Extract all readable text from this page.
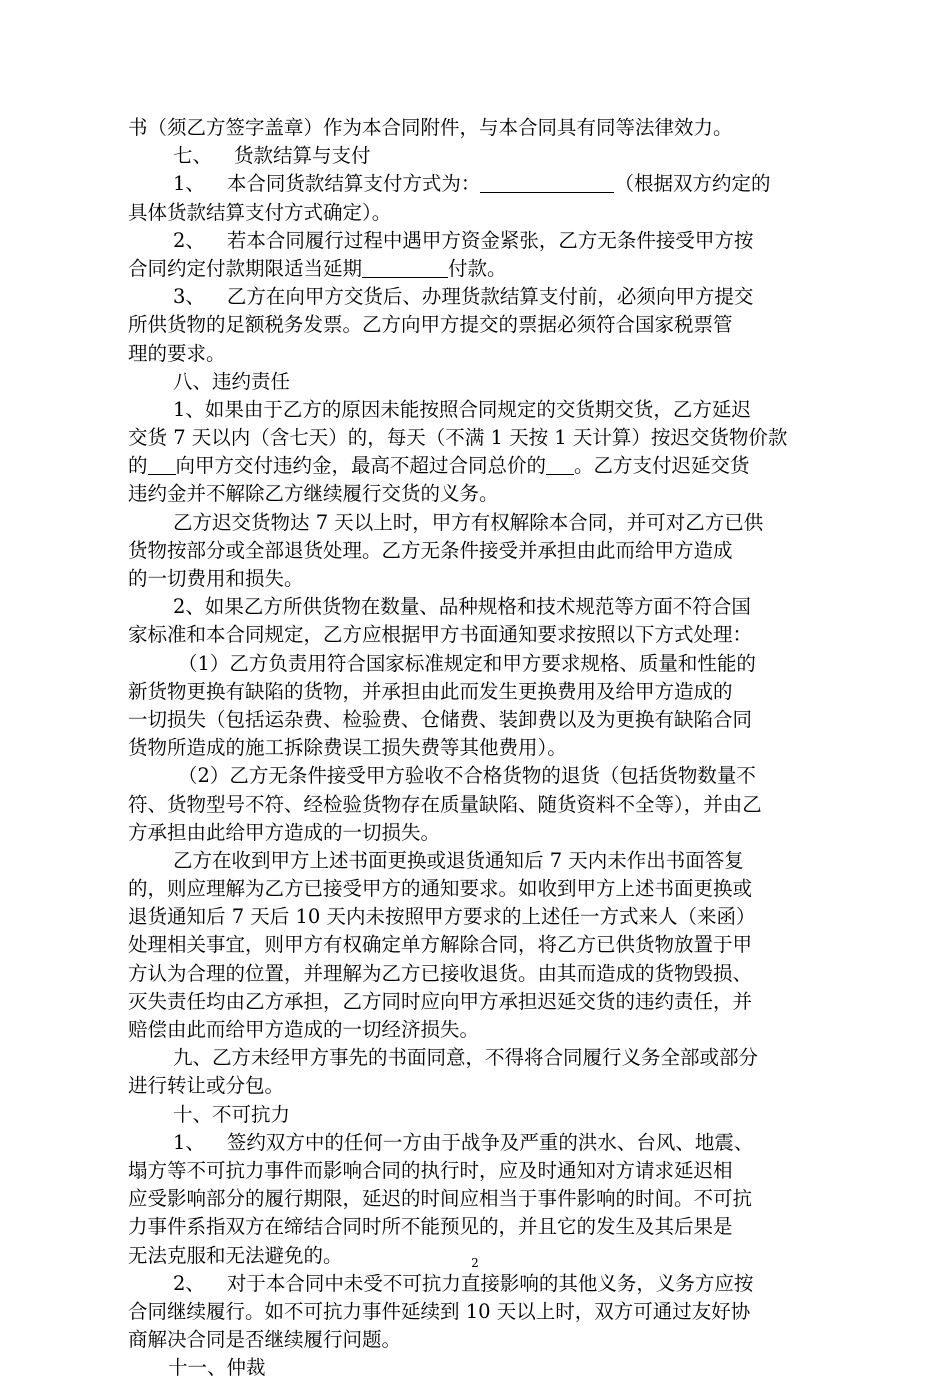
书（须乙方签字盖章）作为本合同附件，与本合同具有同等法律效力。
七、 货款结算与支付
1、 本合同货款结算支付方式为：	（根据双方约定的
具体货款结算支付方式确定）。
2、 若本合同履行过程中遇甲方资金紧张，乙方无条件接受甲方按
合同约定付款期限适当延期	付款。
3、 乙方在向甲方交货后、办理货款结算支付前，必须向甲方提交
所供货物的足额税务发票。乙方向甲方提交的票据必须符合国家税票管
理的要求。
八、违约责任
1、如果由于乙方的原因未能按照合同规定的交货期交货，乙方延迟
交货 7 天以内（含七天）的，每天（不满 1 天按 1 天计算）按迟交货物价款
的 向甲方交付违约金，最高不超过合同总价的 。乙方支付迟延交货
违约金并不解除乙方继续履行交货的义务。
乙方迟交货物达 7 天以上时，甲方有权解除本合同，并可对乙方已供
货物按部分或全部退货处理。乙方无条件接受并承担由此而给甲方造成
的一切费用和损失。
2、如果乙方所供货物在数量、品种规格和技术规范等方面不符合国
家标准和本合同规定，乙方应根据甲方书面通知要求按照以下方式处理：
（1）乙方负责用符合国家标准规定和甲方要求规格、质量和性能的
新货物更换有缺陷的货物，并承担由此而发生更换费用及给甲方造成的
一切损失（包括运杂费、检验费、仓储费、装卸费以及为更换有缺陷合同
货物所造成的施工拆除费误工损失费等其他费用）。
（2）乙方无条件接受甲方验收不合格货物的退货（包括货物数量不
符、货物型号不符、经检验货物存在质量缺陷、随货资料不全等），并由乙
方承担由此给甲方造成的一切损失。
乙方在收到甲方上述书面更换或退货通知后 7 天内未作出书面答复
的，则应理解为乙方已接受甲方的通知要求。如收到甲方上述书面更换或
退货通知后 7 天后 10 天内未按照甲方要求的上述任一方式来人（来函）
处理相关事宜，则甲方有权确定单方解除合同，将乙方已供货物放置于甲
方认为合理的位置，并理解为乙方已接收退货。由其而造成的货物毁损、
灭失责任均由乙方承担，乙方同时应向甲方承担迟延交货的违约责任，并
赔偿由此而给甲方造成的一切经济损失。
九、乙方未经甲方事先的书面同意，不得将合同履行义务全部或部分
进行转让或分包。
十、不可抗力
1、 签约双方中的任何一方由于战争及严重的洪水、台风、地震、
塌方等不可抗力事件而影响合同的执行时，应及时通知对方请求延迟相
应受影响部分的履行期限，延迟的时间应相当于事件影响的时间。不可抗
力事件系指双方在缔结合同时所不能预见的，并且它的发生及其后果是
无法克服和无法避免的。
2、 对于本合同中未受不可抗力直接影响的其他义务，义务方应按
合同继续履行。如不可抗力事件延续到 10 天以上时，双方可通过友好协
商解决合同是否继续履行问题。
十一、仲裁
2
